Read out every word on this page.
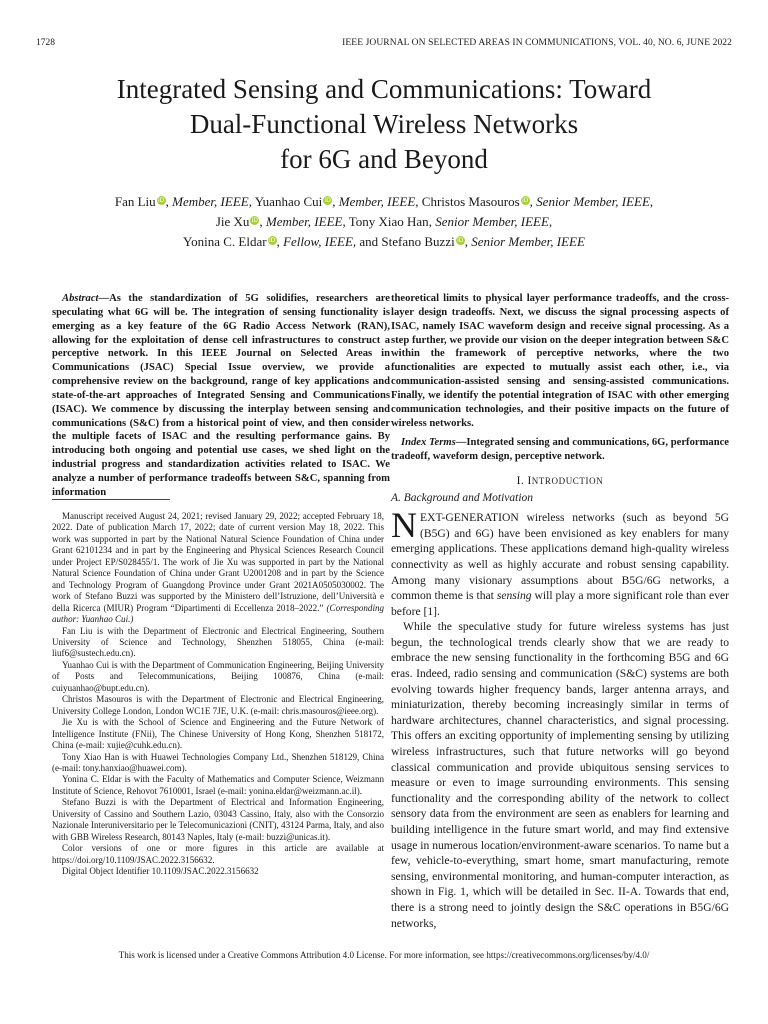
1728	IEEE JOURNAL ON SELECTED AREAS IN COMMUNICATIONS, VOL. 40, NO. 6, JUNE 2022
Integrated Sensing and Communications: Toward
Dual-Functional Wireless Networks
for 6G and Beyond
Fan Liu iD, Member, IEEE, Yuanhao Cui iD, Member, IEEE, Christos Masouros iD, Senior Member, IEEE,
Jie Xu iD, Member, IEEE, Tony Xiao Han, Senior Member, IEEE,
Yonina C. Eldar iD, Fellow, IEEE, and Stefano Buzzi iD, Senior Member, IEEE

Abstract—As the standardization of 5G solidifies, researchers are speculating what 6G will be. The integration of sensing functionality is emerging as a key feature of the 6G Radio Access Network (RAN), allowing for the exploitation of dense cell infrastructures to construct a perceptive network. In this IEEE Journal on Selected Areas in Communications (JSAC) Special Issue overview, we provide a comprehensive review on the background, range of key applications and state-of-the-art approaches of Integrated Sensing and Communications (ISAC). We commence by discussing the interplay between sensing and communications (S&C) from a historical point of view, and then consider the multiple facets of ISAC and the resulting performance gains. By introducing both ongoing and potential use cases, we shed light on the industrial progress and standardization activities related to ISAC. We analyze a number of performance tradeoffs between S&C, spanning from information

Manuscript received August 24, 2021; revised January 29, 2022; accepted February 18, 2022. Date of publication March 17, 2022; date of current version May 18, 2022. This work was supported in part by the National Natural Science Foundation of China under Grant 62101234 and in part by the Engineering and Physical Sciences Research Council under Project EP/S028455/1. The work of Jie Xu was supported in part by the National Natural Science Foundation of China under Grant U2001208 and in part by the Science and Technology Program of Guangdong Province under Grant 2021A0505030002. The work of Stefano Buzzi was supported by the Ministero dell’Istruzione, dell’Università e della Ricerca (MIUR) Program “Dipartimenti di Eccellenza 2018–2022.” (Corresponding author: Yuanhao Cui.)

Fan Liu is with the Department of Electronic and Electrical Engineering, Southern University of Science and Technology, Shenzhen 518055, China (e-mail: liuf6@sustech.edu.cn).

Yuanhao Cui is with the Department of Communication Engineering, Beijing University of Posts and Telecommunications, Beijing 100876, China (e-mail: cuiyuanhao@bupt.edu.cn).

Christos Masouros is with the Department of Electronic and Electrical Engineering, University College London, London WC1E 7JE, U.K. (e-mail: chris.masouros@ieee.org).

Jie Xu is with the School of Science and Engineering and the Future Network of Intelligence Institute (FNii), The Chinese University of Hong Kong, Shenzhen 518172, China (e-mail: xujie@cuhk.edu.cn).

Tony Xiao Han is with Huawei Technologies Company Ltd., Shenzhen 518129, China (e-mail: tony.hanxiao@huawei.com).

Yonina C. Eldar is with the Faculty of Mathematics and Computer Science, Weizmann Institute of Science, Rehovot 7610001, Israel (e-mail: yonina.eldar@weizmann.ac.il).

Stefano Buzzi is with the Department of Electrical and Information Engineering, University of Cassino and Southern Lazio, 03043 Cassino, Italy, also with the Consorzio Nazionale Interuniversitario per le Telecomunicazioni (CNIT), 43124 Parma, Italy, and also with GBB Wireless Research, 80143 Naples, Italy (e-mail: buzzi@unicas.it).

Color versions of one or more figures in this article are available at https://doi.org/10.1109/JSAC.2022.3156632.

Digital Object Identifier 10.1109/JSAC.2022.3156632

theoretical limits to physical layer performance tradeoffs, and the cross-layer design tradeoffs. Next, we discuss the signal processing aspects of ISAC, namely ISAC waveform design and receive signal processing. As a step further, we provide our vision on the deeper integration between S&C within the framework of perceptive networks, where the two functionalities are expected to mutually assist each other, i.e., via communication-assisted sensing and sensing-assisted communications. Finally, we identify the potential integration of ISAC with other emerging communication technologies, and their positive impacts on the future of wireless networks.

Index Terms—Integrated sensing and communications, 6G, performance tradeoff, waveform design, perceptive network.

I. INTRODUCTION
A. Background and Motivation

NEXT-GENERATION wireless networks (such as beyond 5G (B5G) and 6G) have been envisioned as key enablers for many emerging applications. These applications demand high-quality wireless connectivity as well as highly accurate and robust sensing capability. Among many visionary assumptions about B5G/6G networks, a common theme is that sensing will play a more significant role than ever before [1].

While the speculative study for future wireless systems has just begun, the technological trends clearly show that we are ready to embrace the new sensing functionality in the forthcoming B5G and 6G eras. Indeed, radio sensing and communication (S&C) systems are both evolving towards higher frequency bands, larger antenna arrays, and miniaturization, thereby becoming increasingly similar in terms of hardware architectures, channel characteristics, and signal processing. This offers an exciting opportunity of implementing sensing by utilizing wireless infrastructures, such that future networks will go beyond classical communication and provide ubiquitous sensing services to measure or even to image surrounding environments. This sensing functionality and the corresponding ability of the network to collect sensory data from the environment are seen as enablers for learning and building intelligence in the future smart world, and may find extensive usage in numerous location/environment-aware scenarios. To name but a few, vehicle-to-everything, smart home, smart manufacturing, remote sensing, environmental monitoring, and human-computer interaction, as shown in Fig. 1, which will be detailed in Sec. II-A. Towards that end, there is a strong need to jointly design the S&C operations in B5G/6G networks,

This work is licensed under a Creative Commons Attribution 4.0 License. For more information, see https://creativecommons.org/licenses/by/4.0/
